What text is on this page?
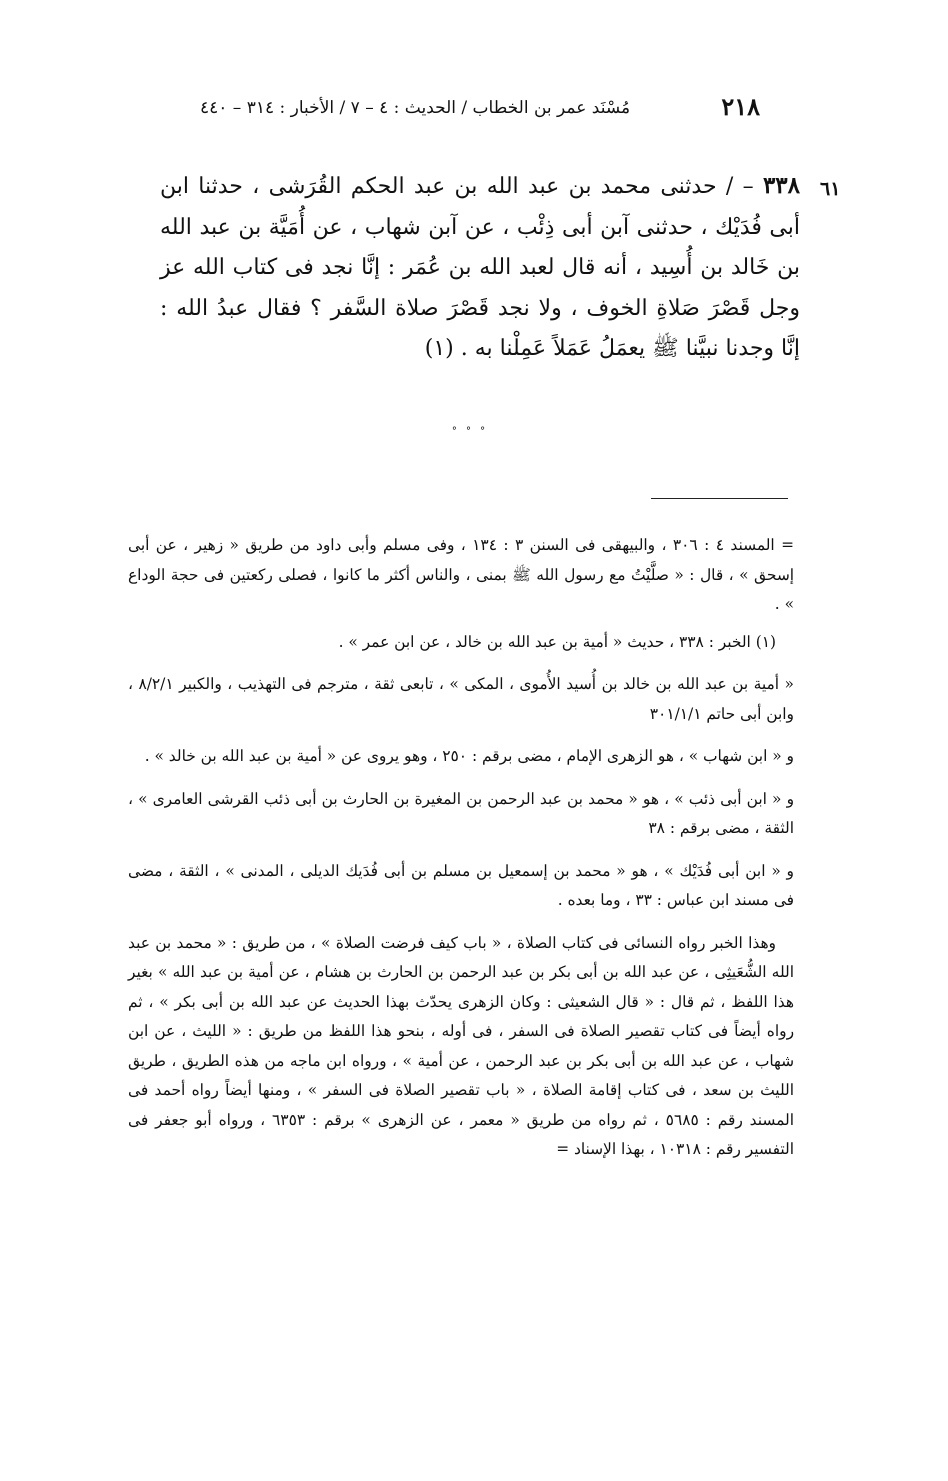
٢١٨
مُسْنَد عمر بن الخطاب / الحديث : ٤ – ٧ / الأخبار : ٣١٤ – ٤٤٠
٦١
٣٣٨ – / حدثنى محمد بن عبد الله بن عبد الحكم القُرَشى ، حدثنا ابن أبى فُدَيْك ، حدثنى آبن أبى ذِئْب ، عن آبن شهاب ، عن أُمَيَّة بن عبد الله بن خَالد بن أُسِيد ، أنه قال لعبد الله بن عُمَر : إنَّا نجد فى كتاب الله عز وجل قَصْرَ صَلاةِ الخوف ، ولا نجد قَصْرَ صلاة السَّفر ؟ فقال عبدُ الله : إنَّا وجدنا نبيَّنا ﷺ يعمَلُ عَمَلاً عَمِلْنا به . (١)
° ° °

= المسند ٤ : ٣٠٦ ، والبيهقى فى السنن ٣ : ١٣٤ ، وفى مسلم وأبى داود من طريق « زهير ، عن أبى إسحق » ، قال : « صلَّيْتُ مع رسول الله ﷺ بمنى ، والناس أكثر ما كانوا ، فصلى ركعتين فى حجة الوداع » .

(١) الخبر : ٣٣٨ ، حديث « أمية بن عبد الله بن خالد ، عن ابن عمر » .

« أمية بن عبد الله بن خالد بن أُسيد الأُموى ، المكى » ، تابعى ثقة ، مترجم فى التهذيب ، والكبير ٨/٢/١ ، وابن أبى حاتم ٣٠١/١/١

و « ابن شهاب » ، هو الزهرى الإمام ، مضى برقم : ٢٥٠ ، وهو يروى عن « أمية بن عبد الله بن خالد » .

و « ابن أبى ذئب » ، هو « محمد بن عبد الرحمن بن المغيرة بن الحارث بن أبى ذئب القرشى العامرى » ، الثقة ، مضى برقم : ٣٨

و « ابن أبى فُدَيْك » ، هو « محمد بن إسمعيل بن مسلم بن أبى فُدَيك الديلى ، المدنى » ، الثقة ، مضى فى مسند ابن عباس : ٣٣ ، وما بعده .

وهذا الخبر رواه النسائى فى كتاب الصلاة ، « باب كيف فرضت الصلاة » ، من طريق : « محمد بن عبد الله الشُّعَيثِى ، عن عبد الله بن أبى بكر بن عبد الرحمن بن الحارث بن هشام ، عن أمية بن عبد الله » بغير هذا اللفظ ، ثم قال : « قال الشعيثى : وكان الزهرى يحدّث بهذا الحديث عن عبد الله بن أبى بكر » ، ثم رواه أيضاً فى كتاب تقصير الصلاة فى السفر ، فى أوله ، بنحو هذا اللفظ من طريق : « الليث ، عن ابن شهاب ، عن عبد الله بن أبى بكر بن عبد الرحمن ، عن أمية » ، ورواه ابن ماجه من هذه الطريق ، طريق الليث بن سعد ، فى كتاب إقامة الصلاة ، « باب تقصير الصلاة فى السفر » ، ومنها أيضاً رواه أحمد فى المسند رقم : ٥٦٨٥ ، ثم رواه من طريق « معمر ، عن الزهرى » برقم : ٦٣٥٣ ، ورواه أبو جعفر فى التفسير رقم : ١٠٣١٨ ، بهذا الإسناد =
